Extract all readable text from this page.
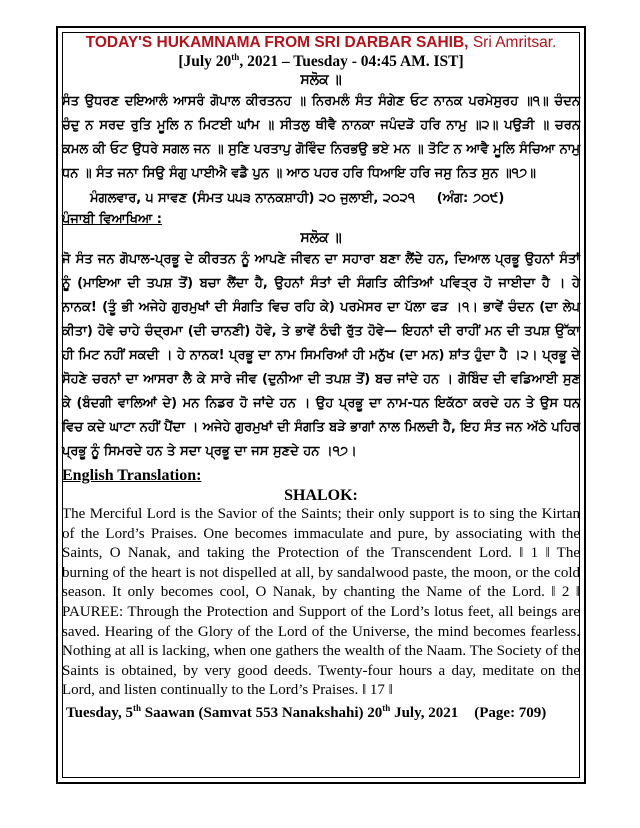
TODAY'S HUKAMNAMA FROM SRI DARBAR SAHIB, Sri Amritsar.
[July 20th, 2021 – Tuesday - 04:45 AM. IST]
ਸਲੋਕ ॥
ਸੰਤ ਉਧਰਣ ਦਇਆਲੰ ਆਸਰੰ ਗੋਪਾਲ ਕੀਰਤਨਹ ॥ ਨਿਰਮਲੰ ਸੰਤ ਸੰਗੇਣ ਓਟ ਨਾਨਕ ਪਰਮੇਸੁਰਹ ॥੧॥ ਚੰਦਨ ਚੰਦੁ ਨ ਸਰਦ ਰੁਤਿ ਮੂਲਿ ਨ ਮਿਟਈ ਘਾਂਮ ॥ ਸੀਤਲੁ ਥੀਵੈ ਨਾਨਕਾ ਜਪੰਦੜੋ ਹਰਿ ਨਾਮੁ ॥੨॥ ਪਉੜੀ ॥ ਚਰਨ ਕਮਲ ਕੀ ਓਟ ਉਧਰੇ ਸਗਲ ਜਨ ॥ ਸੁਣਿ ਪਰਤਾਪੁ ਗੋਵਿੰਦ ਨਿਰਭਉ ਭਏ ਮਨ ॥ ਤੋਟਿ ਨ ਆਵੈ ਮੂਲਿ ਸੰਚਿਆ ਨਾਮੁ ਧਨ ॥ ਸੰਤ ਜਨਾ ਸਿਉ ਸੰਗੁ ਪਾਈਐ ਵਡੈ ਪੁਨ ॥ ਆਠ ਪਹਰ ਹਰਿ ਧਿਆਇ ਹਰਿ ਜਸੁ ਨਿਤ ਸੁਨ ॥੧੭॥
ਮੰਗਲਵਾਰ, ੫ ਸਾਵਣ (ਸੰਮਤ ੫੫੩ ਨਾਨਕਸ਼ਾਹੀ) ੨੦ ਜੁਲਾਈ, ੨੦੨੧ (ਅੰਗ: ੭੦੯)
ਪੰਜਾਬੀ ਵਿਆਖਿਆ :
ਸਲੋਕ ॥
ਜੋ ਸੰਤ ਜਨ ਗੋਪਾਲ-ਪ੍ਰਭੂ ਦੇ ਕੀਰਤਨ ਨੂੰ ਆਪਣੇ ਜੀਵਨ ਦਾ ਸਹਾਰਾ ਬਣਾ ਲੈਂਦੇ ਹਨ, ਦਿਆਲ ਪ੍ਰਭੂ ਉਹਨਾਂ ਸੰਤਾਂ ਨੂੰ (ਮਾਇਆ ਦੀ ਤਪਸ਼ ਤੋਂ) ਬਚਾ ਲੈਂਦਾ ਹੈ, ਉਹਨਾਂ ਸੰਤਾਂ ਦੀ ਸੰਗਤਿ ਕੀਤਿਆਂ ਪਵਿਤ੍ਰ ਹੋ ਜਾਈਦਾ ਹੈ । ਹੇ ਨਾਨਕ! (ਤੂੰ ਭੀ ਅਜੇਹੇ ਗੁਰਮੁਖਾਂ ਦੀ ਸੰਗਤਿ ਵਿਚ ਰਹਿ ਕੇ) ਪਰਮੇਸਰ ਦਾ ਪੱਲਾ ਫੜ ।੧। ਭਾਵੇਂ ਚੰਦਨ (ਦਾ ਲੇਪ ਕੀਤਾ) ਹੋਵੇ ਚਾਹੇ ਚੰਦ੍ਰਮਾ (ਦੀ ਚਾਨਣੀ) ਹੋਵੇ, ਤੇ ਭਾਵੇਂ ਠੰਢੀ ਰੁੱਤ ਹੋਵੇ— ਇਹਨਾਂ ਦੀ ਰਾਹੀਂ ਮਨ ਦੀ ਤਪਸ਼ ਉੱਕਾ ਹੀ ਮਿਟ ਨਹੀਂ ਸਕਦੀ । ਹੇ ਨਾਨਕ! ਪ੍ਰਭੂ ਦਾ ਨਾਮ ਸਿਮਰਿਆਂ ਹੀ ਮਨੁੱਖ (ਦਾ ਮਨ) ਸ਼ਾਂਤ ਹੁੰਦਾ ਹੈ ।੨। ਪ੍ਰਭੂ ਦੇ ਸੋਹਣੇ ਚਰਨਾਂ ਦਾ ਆਸਰਾ ਲੈ ਕੇ ਸਾਰੇ ਜੀਵ (ਦੁਨੀਆ ਦੀ ਤਪਸ਼ ਤੋਂ) ਬਚ ਜਾਂਦੇ ਹਨ । ਗੋਬਿੰਦ ਦੀ ਵਡਿਆਈ ਸੁਣ ਕੇ (ਬੰਦਗੀ ਵਾਲਿਆਂ ਦੇ) ਮਨ ਨਿਡਰ ਹੋ ਜਾਂਦੇ ਹਨ । ਉਹ ਪ੍ਰਭੂ ਦਾ ਨਾਮ-ਧਨ ਇਕੱਠਾ ਕਰਦੇ ਹਨ ਤੇ ਉਸ ਧਨ ਵਿਚ ਕਦੇ ਘਾਟਾ ਨਹੀਂ ਪੈਂਦਾ । ਅਜੇਹੇ ਗੁਰਮੁਖਾਂ ਦੀ ਸੰਗਤਿ ਬੜੇ ਭਾਗਾਂ ਨਾਲ ਮਿਲਦੀ ਹੈ, ਇਹ ਸੰਤ ਜਨ ਅੱਠੇ ਪਹਿਰ ਪ੍ਰਭੂ ਨੂੰ ਸਿਮਰਦੇ ਹਨ ਤੇ ਸਦਾ ਪ੍ਰਭੂ ਦਾ ਜਸ ਸੁਣਦੇ ਹਨ ।੧੭।
English Translation:
SHALOK:
The Merciful Lord is the Savior of the Saints; their only support is to sing the Kirtan of the Lord’s Praises. One becomes immaculate and pure, by associating with the Saints, O Nanak, and taking the Protection of the Transcendent Lord. ‖ 1 ‖ The burning of the heart is not dispelled at all, by sandalwood paste, the moon, or the cold season. It only becomes cool, O Nanak, by chanting the Name of the Lord. ‖ 2 ‖ PAUREE: Through the Protection and Support of the Lord’s lotus feet, all beings are saved. Hearing of the Glory of the Lord of the Universe, the mind becomes fearless. Nothing at all is lacking, when one gathers the wealth of the Naam. The Society of the Saints is obtained, by very good deeds. Twenty-four hours a day, meditate on the Lord, and listen continually to the Lord’s Praises. ‖ 17 ‖
Tuesday, 5th Saawan (Samvat 553 Nanakshahi) 20th July, 2021 (Page: 709)
